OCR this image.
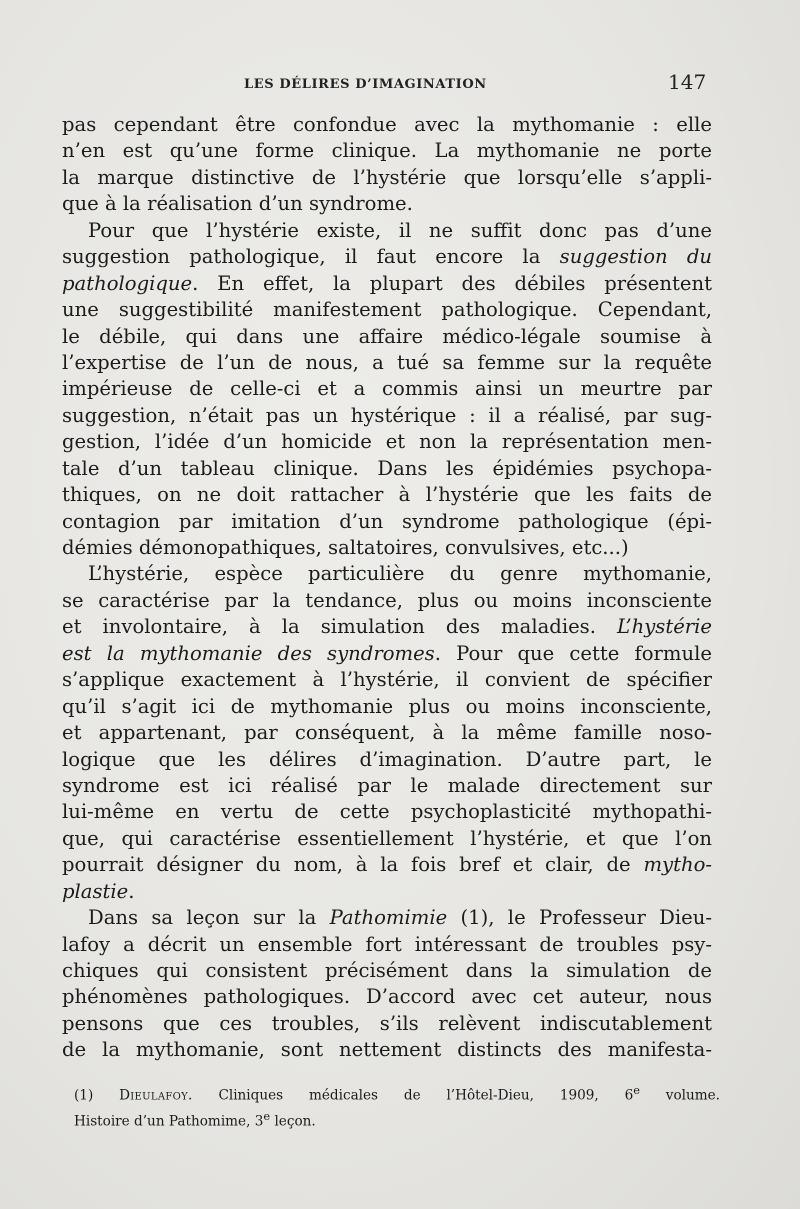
LES DÉLIRES D’IMAGINATION	147
pas cependant être confondue avec la mythomanie : elle
n’en est qu’une forme clinique. La mythomanie ne porte
la marque distinctive de l’hystérie que lorsqu’elle s’appli-
que à la réalisation d’un syndrome.
Pour que l’hystérie existe, il ne suffit donc pas d’une
suggestion pathologique, il faut encore la suggestion du
pathologique. En effet, la plupart des débiles présentent
une suggestibilité manifestement pathologique. Cependant,
le débile, qui dans une affaire médico-légale soumise à
l’expertise de l’un de nous, a tué sa femme sur la requête
impérieuse de celle-ci et a commis ainsi un meurtre par
suggestion, n’était pas un hystérique : il a réalisé, par sug-
gestion, l’idée d’un homicide et non la représentation men-
tale d’un tableau clinique. Dans les épidémies psychopa-
thiques, on ne doit rattacher à l’hystérie que les faits de
contagion par imitation d’un syndrome pathologique (épi-
démies démonopathiques, saltatoires, convulsives, etc...)
L’hystérie, espèce particulière du genre mythomanie,
se caractérise par la tendance, plus ou moins inconsciente
et involontaire, à la simulation des maladies. L’hystérie
est la mythomanie des syndromes. Pour que cette formule
s’applique exactement à l’hystérie, il convient de spécifier
qu’il s’agit ici de mythomanie plus ou moins inconsciente,
et appartenant, par conséquent, à la même famille noso-
logique que les délires d’imagination. D’autre part, le
syndrome est ici réalisé par le malade directement sur
lui-même en vertu de cette psychoplasticité mythopathi-
que, qui caractérise essentiellement l’hystérie, et que l’on
pourrait désigner du nom, à la fois bref et clair, de mytho-
plastie.
Dans sa leçon sur la Pathomimie (1), le Professeur Dieu-
lafoy a décrit un ensemble fort intéressant de troubles psy-
chiques qui consistent précisément dans la simulation de
phénomènes pathologiques. D’accord avec cet auteur, nous
pensons que ces troubles, s’ils relèvent indiscutablement
de la mythomanie, sont nettement distincts des manifesta-
(1) Dieulafoy. Cliniques médicales de l’Hôtel-Dieu, 1909, 6e volume.
Histoire d’un Pathomime, 3e leçon.
